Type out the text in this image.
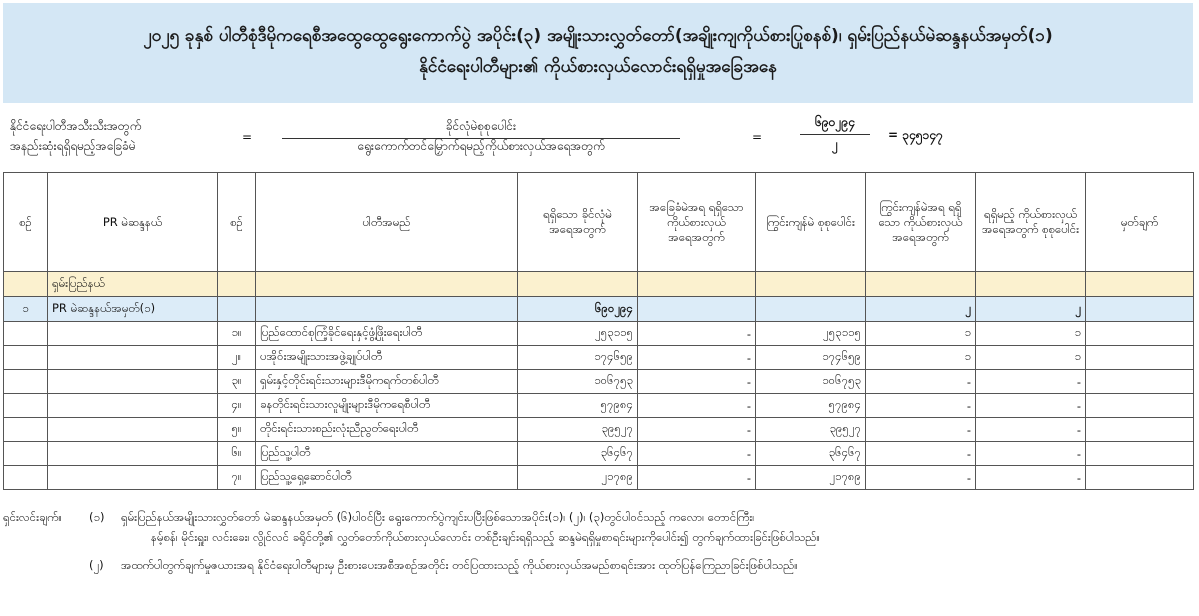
၂၀၂၅ ခုနှစ် ပါတီစုံဒီမိုကရေစီအထွေထွေရွေးကောက်ပွဲ အပိုင်း(၃) အမျိုးသားလွှတ်တော်(အချိုးကျကိုယ်စားပြုစနစ်)၊ ရှမ်းပြည်နယ်မဲဆန္ဒနယ်အမှတ်(၁)
နိုင်ငံရေးပါတီများ၏ ကိုယ်စားလှယ်လောင်းရရှိမှုအခြေအနေ
နိုင်ငံရေးပါတီအသီးသီးအတွက်
အနည်းဆုံးရရှိရမည့်အခြေခံမဲ
=
ခိုင်လုံမဲစုစုပေါင်း
ရွေးကောက်တင်မြှောက်ရမည့်ကိုယ်စားလှယ်အရေအတွက်
=
၆၉၀၂၉၄
၂
= ၃၄၅၁၄၇
စဉ်	PR မဲဆန္ဒနယ်	စဉ်	ပါတီအမည်	ရရှိသော ခိုင်လုံမဲ အရေအတွက်	အခြေခံမဲအရ ရရှိသော ကိုယ်စားလှယ် အရေအတွက်	ကြွင်းကျန်မဲ စုစုပေါင်း	ကြွင်းကျန်မဲအရ ရရှိသော ကိုယ်စားလှယ် အရေအတွက်	ရရှိမည့် ကိုယ်စားလှယ် အရေအတွက် စုစုပေါင်း	မှတ်ချက်
	ရှမ်းပြည်နယ်								
၁	PR မဲဆန္ဒနယ်အမှတ်(၁)			၆၉၀၂၉၄			၂	၂	
		၁။	ပြည်ထောင်စုကြံ့ခိုင်ရေးနှင့်ဖွံ့ဖြိုးရေးပါတီ	၂၅၃၁၁၅	-	၂၅၃၁၁၅	၁	၁	
		၂။	ပအိုဝ်းအမျိုးသားအဖွဲ့ချုပ်ပါတီ	၁၇၄၆၅၉	-	၁၇၄၆၅၉	၁	၁	
		၃။	ရှမ်းနှင့်တိုင်းရင်းသားများဒီမိုကရက်တစ်ပါတီ	၁၀၆၇၅၃	-	၁၀၆၇၅၃	-	-	
		၄။	ခနတိုင်းရင်းသားလူမျိုးများဒီမိုကရေစီပါတီ	၅၇၉၈၄	-	၅၇၉၈၄	-	-	
		၅။	တိုင်းရင်းသားစည်းလုံးညီညွတ်ရေးပါတီ	၃၉၅၂၇	-	၃၉၅၂၇	-	-	
		၆။	ပြည်သူ့ပါတီ	၃၆၄၆၇	-	၃၆၄၆၇	-	-	
		၇။	ပြည်သူ့ရှေ့ဆောင်ပါတီ	၂၁၇၈၉	-	၂၁၇၈၉	-	-	
ရှင်းလင်းချက်။ (၁) ရှမ်းပြည်နယ်အမျိုးသားလွှတ်တော် မဲဆန္ဒနယ်အမှတ် (၆)ပါဝင်ပြီး ရွေးကောက်ပွဲကျင်းပပြီးဖြစ်သောအပိုင်း(၁)၊ (၂)၊ (၃)တွင်ပါဝင်သည့် ကလော၊ တောင်ကြီး၊
နမ့်စန်၊ မိုင်းရှူး၊ လင်းခေး၊ လွိုင်လင် ခရိုင်တို့၏ လွှတ်တော်ကိုယ်စားလှယ်လောင်း တစ်ဦးချင်းရရှိသည့် ဆန္ဒမဲရရှိမှုစာရင်းများကိုပေါင်း၍ တွက်ချက်ထားခြင်းဖြစ်ပါသည်။
(၂) အထက်ပါတွက်ချက်မှုဇယားအရ နိုင်ငံရေးပါတီများမှ ဦးစားပေးအစီအစဉ်အတိုင်း တင်ပြထားသည့် ကိုယ်စားလှယ်အမည်စာရင်းအား ထုတ်ပြန်ကြေညာခြင်းဖြစ်ပါသည်။
